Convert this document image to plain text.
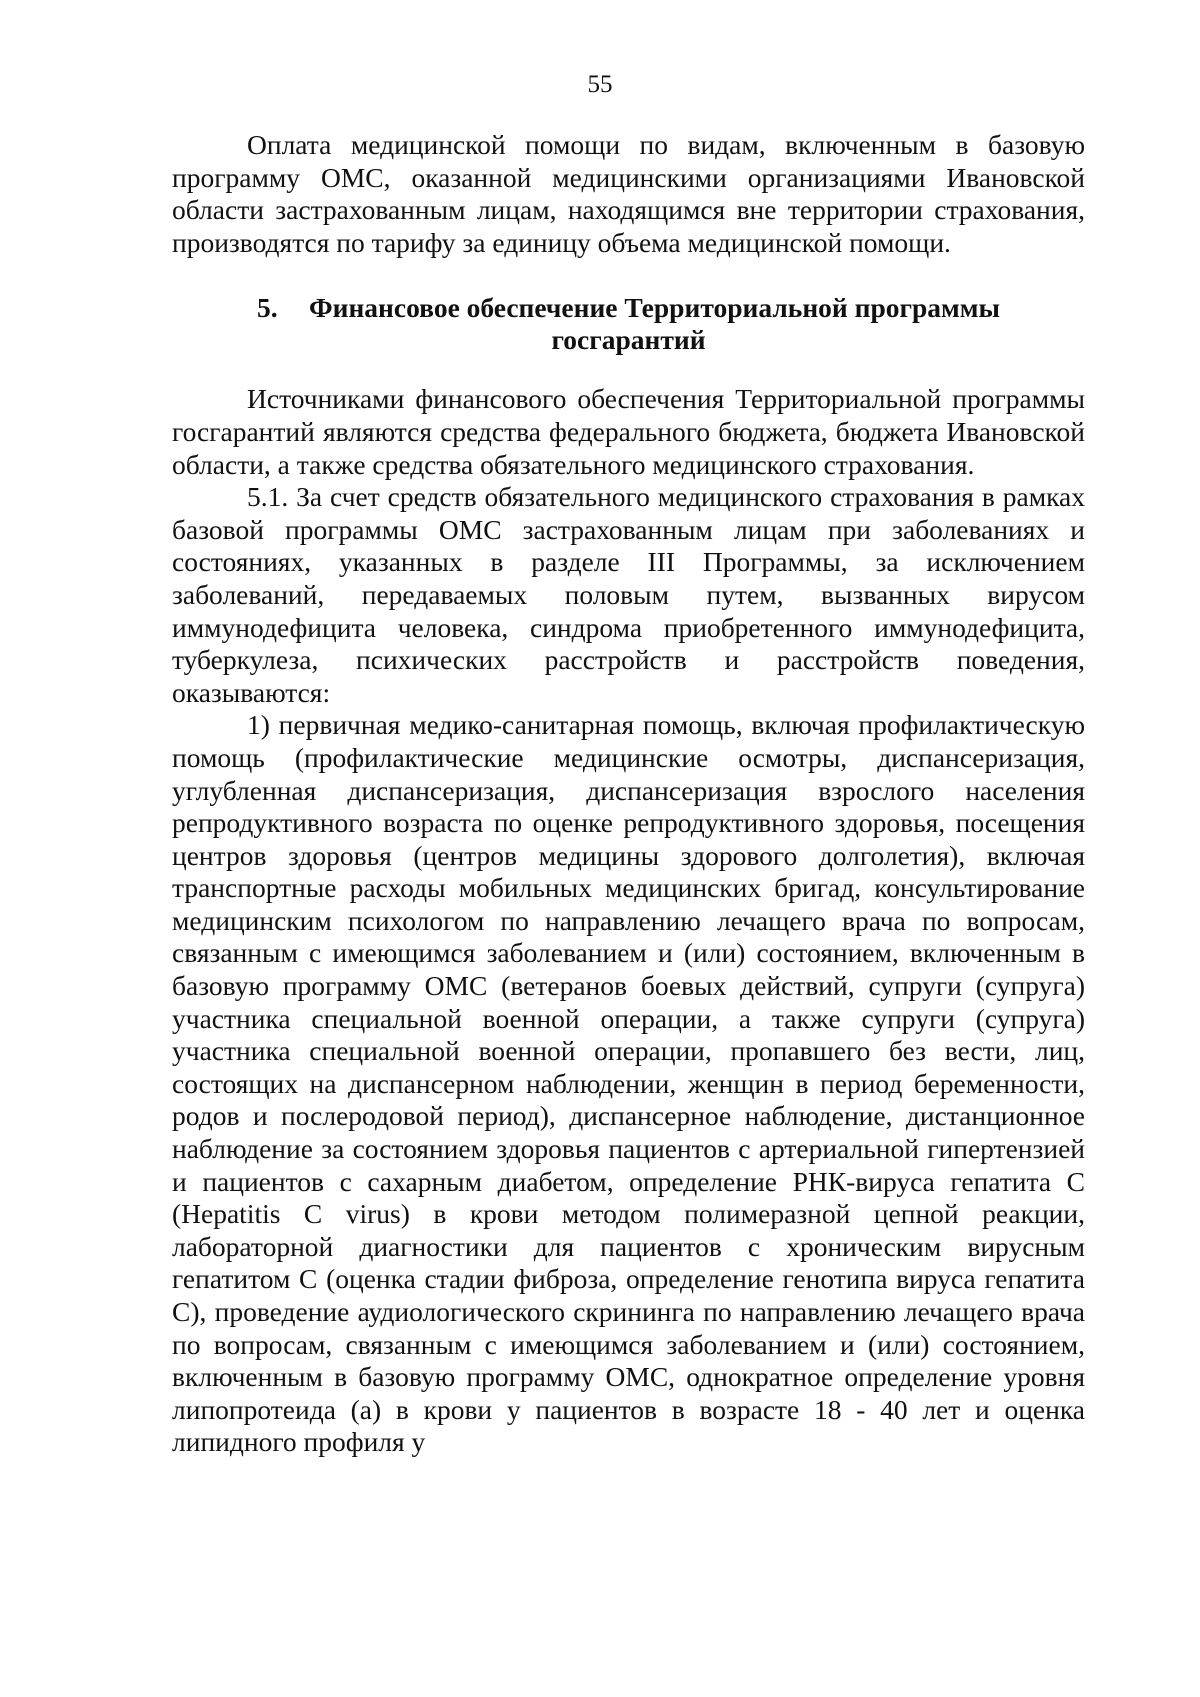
55

Оплата медицинской помощи по видам, включенным в базовую программу ОМС, оказанной медицинскими организациями Ивановской области застрахованным лицам, находящимся вне территории страхования, производятся по тарифу за единицу объема медицинской помощи.

5. Финансовое обеспечение Территориальной программы
госгарантий

Источниками финансового обеспечения Территориальной программы госгарантий являются средства федерального бюджета, бюджета Ивановской области, а также средства обязательного медицинского страхования.

5.1. За счет средств обязательного медицинского страхования в рамках базовой программы ОМС застрахованным лицам при заболеваниях и состояниях, указанных в разделе III Программы, за исключением заболеваний, передаваемых половым путем, вызванных вирусом иммунодефицита человека, синдрома приобретенного иммунодефицита, туберкулеза, психических расстройств и расстройств поведения, оказываются:

1) первичная медико-санитарная помощь, включая профилактическую помощь (профилактические медицинские осмотры, диспансеризация, углубленная диспансеризация, диспансеризация взрослого населения репродуктивного возраста по оценке репродуктивного здоровья, посещения центров здоровья (центров медицины здорового долголетия), включая транспортные расходы мобильных медицинских бригад, консультирование медицинским психологом по направлению лечащего врача по вопросам, связанным с имеющимся заболеванием и (или) состоянием, включенным в базовую программу ОМС (ветеранов боевых действий, супруги (супруга) участника специальной военной операции, а также супруги (супруга) участника специальной военной операции, пропавшего без вести, лиц, состоящих на диспансерном наблюдении, женщин в период беременности, родов и послеродовой период), диспансерное наблюдение, дистанционное наблюдение за состоянием здоровья пациентов с артериальной гипертензией и пациентов с сахарным диабетом, определение РНК-вируса гепатита С (Hepatitis C virus) в крови методом полимеразной цепной реакции, лабораторной диагностики для пациентов с хроническим вирусным гепатитом С (оценка стадии фиброза, определение генотипа вируса гепатита С), проведение аудиологического скрининга по направлению лечащего врача по вопросам, связанным с имеющимся заболеванием и (или) состоянием, включенным в базовую программу ОМС, однократное определение уровня липопротеида (а) в крови у пациентов в возрасте 18 - 40 лет и оценка липидного профиля у
